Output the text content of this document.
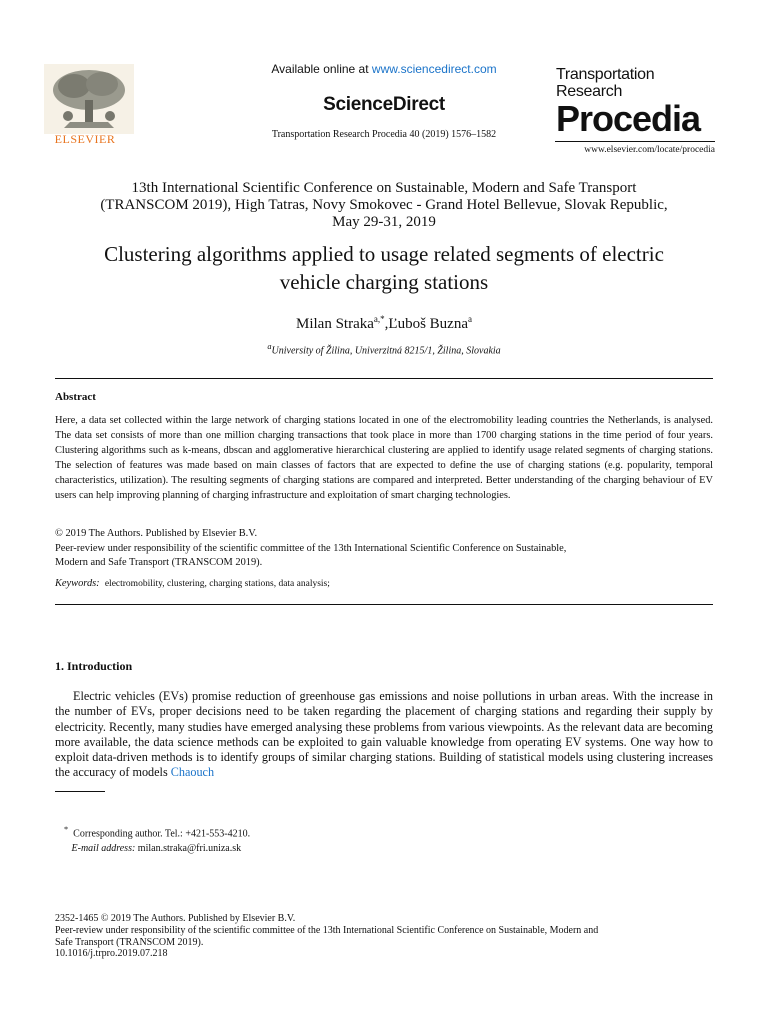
ELSEVIER
Available online at www.sciencedirect.com
ScienceDirect
Transportation Research Procedia 40 (2019) 1576–1582
Transportation
Research
Procedia
www.elsevier.com/locate/procedia
13th International Scientific Conference on Sustainable, Modern and Safe Transport
(TRANSCOM 2019), High Tatras, Novy Smokovec - Grand Hotel Bellevue, Slovak Republic,
May 29-31, 2019
Clustering algorithms applied to usage related segments of electric
vehicle charging stations
Milan Straka$^{a,*}$,Ľuboš Buzna$^a$
$^a$University of Žilina, Univerzitná 8215/1, Žilina, Slovakia
Abstract
Here, a data set collected within the large network of charging stations located in one of the electromobility leading countries the Netherlands, is analysed. The data set consists of more than one million charging transactions that took place in more than 1700 charging stations in the time period of four years. Clustering algorithms such as k-means, dbscan and agglomerative hierarchical clustering are applied to identify usage related segments of charging stations. The selection of features was made based on main classes of factors that are expected to define the use of charging stations (e.g. popularity, temporal characteristics, utilization). The resulting segments of charging stations are compared and interpreted. Better understanding of the charging behaviour of EV users can help improving planning of charging infrastructure and exploitation of smart charging technologies.
© 2019 The Authors. Published by Elsevier B.V.
Peer-review under responsibility of the scientific committee of the 13th International Scientific Conference on Sustainable,
Modern and Safe Transport (TRANSCOM 2019).
Keywords: electromobility, clustering, charging stations, data analysis;
1. Introduction
Electric vehicles (EVs) promise reduction of greenhouse gas emissions and noise pollutions in urban areas. With the increase in the number of EVs, proper decisions need to be taken regarding the placement of charging stations and regarding their supply by electricity. Recently, many studies have emerged analysing these problems from various viewpoints. As the relevant data are becoming more available, the data science methods can be exploited to gain valuable knowledge from operating EV systems. One way how to exploit data-driven methods is to identify groups of similar charging stations. Building of statistical models using clustering increases the accuracy of models Chaouch
* Corresponding author. Tel.: +421-553-4210.
E-mail address: milan.straka@fri.uniza.sk
2352-1465 © 2019 The Authors. Published by Elsevier B.V.
Peer-review under responsibility of the scientific committee of the 13th International Scientific Conference on Sustainable, Modern and
Safe Transport (TRANSCOM 2019).
10.1016/j.trpro.2019.07.218
